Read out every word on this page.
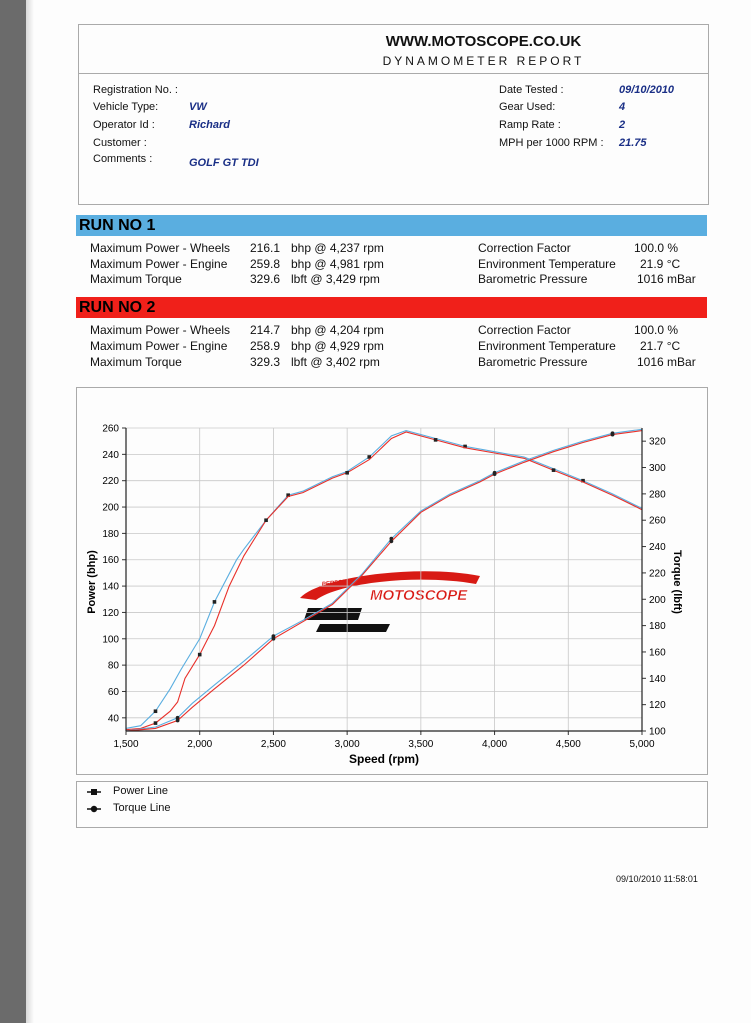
WWW.MOTOSCOPE.CO.UK
DYNAMOMETER REPORT
Registration No. :
Vehicle Type:	VW
Operator Id :	Richard
Customer :
Comments :	GOLF GT TDI
Date Tested :	09/10/2010
Gear Used:	4
Ramp Rate :	2
MPH per 1000 RPM : 21.75
RUN NO 1
Maximum Power - Wheels 216.1 bhp @ 4,237 rpm	Correction Factor	100.0 %
Maximum Power - Engine 259.8 bhp @ 4,981 rpm	Environment Temperature 21.9 °C
Maximum Torque	329.6 lbft @ 3,429 rpm	Barometric Pressure	1016 mBar
RUN NO 2
Maximum Power - Wheels 214.7 bhp @ 4,204 rpm	Correction Factor	100.0 %
Maximum Power - Engine 258.9 bhp @ 4,929 rpm	Environment Temperature 21.7 °C
Maximum Torque	329.3 lbft @ 3,402 rpm	Barometric Pressure	1016 mBar
PERFORMANCE SPECIALISTS
MOTOSCOPE
1,500	2,000	2,500	3,000	3,500	4,000	4,500	5,000
40
60
80
100
120
140
160
180
200
220
240
260
100
120
140
160
180
200
220
240
260
280
300
320
Speed (rpm)
Power (bhp)	Torque (lbft)
Power Line
Torque Line
09/10/2010 11:58:01
